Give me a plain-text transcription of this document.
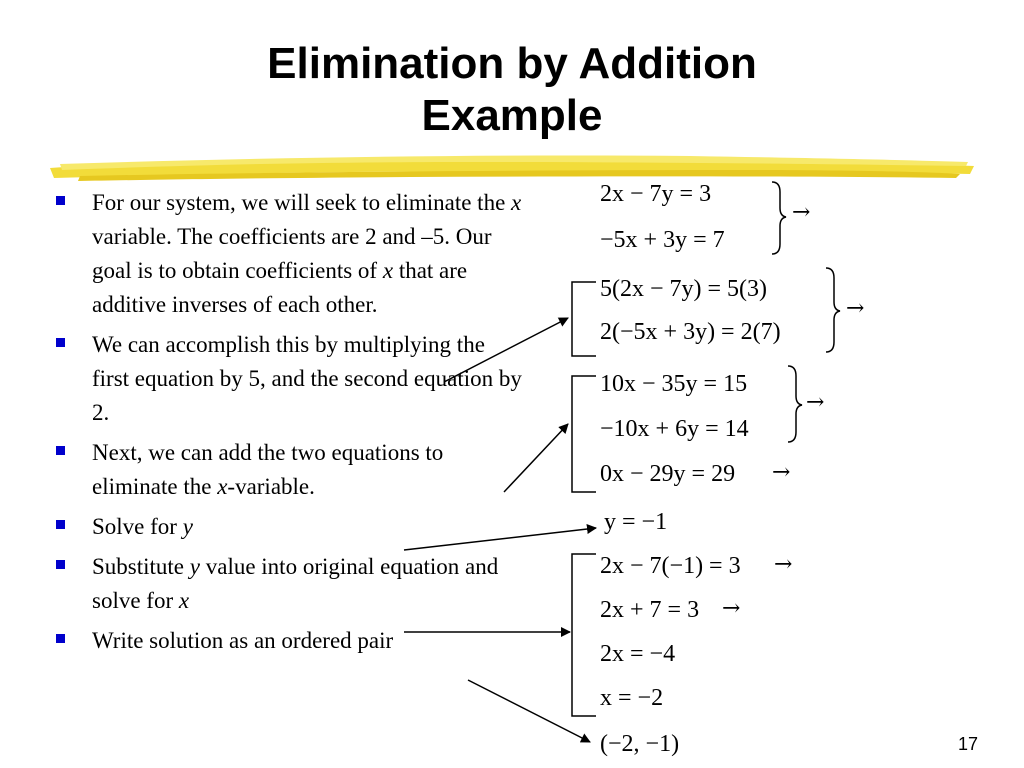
Elimination by Addition
Example
For our system, we will seek to eliminate the x variable. The coefficients are 2 and –5. Our goal is to obtain coefficients of x that are additive inverses of each other.
We can accomplish this by multiplying the first equation by 5, and the second equation by 2.
Next, we can add the two equations to eliminate the x-variable.
Solve for y
Substitute y value into original equation and solve for x
Write solution as an ordered pair
2x − 7y = 3
−5x + 3y = 7
→
5(2x − 7y) = 5(3)
2(−5x + 3y) = 2(7)
→
10x − 35y = 15
−10x + 6y = 14
→
0x − 29y = 29 →
y = −1
2x − 7(−1) = 3 →
2x + 7 = 3 →
2x = −4
x = −2
(−2, −1)	17
